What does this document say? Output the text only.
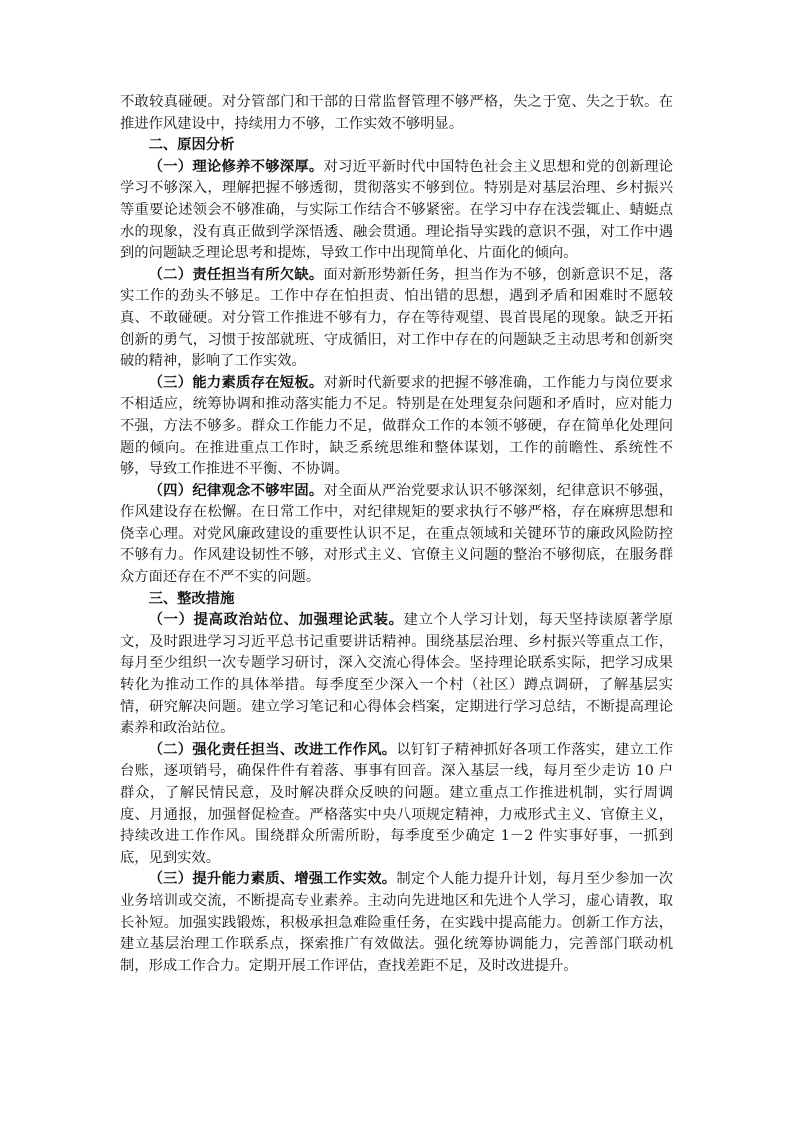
不敢较真碰硬。对分管部门和干部的日常监督管理不够严格，失之于宽、失之于软。在推进作风建设中，持续用力不够，工作实效不够明显。

二、原因分析

（一）理论修养不够深厚。对习近平新时代中国特色社会主义思想和党的创新理论学习不够深入，理解把握不够透彻，贯彻落实不够到位。特别是对基层治理、乡村振兴等重要论述领会不够准确，与实际工作结合不够紧密。在学习中存在浅尝辄止、蜻蜓点水的现象，没有真正做到学深悟透、融会贯通。理论指导实践的意识不强，对工作中遇到的问题缺乏理论思考和提炼，导致工作中出现简单化、片面化的倾向。

（二）责任担当有所欠缺。面对新形势新任务，担当作为不够，创新意识不足，落实工作的劲头不够足。工作中存在怕担责、怕出错的思想，遇到矛盾和困难时不愿较真、不敢碰硬。对分管工作推进不够有力，存在等待观望、畏首畏尾的现象。缺乏开拓创新的勇气，习惯于按部就班、守成循旧，对工作中存在的问题缺乏主动思考和创新突破的精神，影响了工作实效。

（三）能力素质存在短板。对新时代新要求的把握不够准确，工作能力与岗位要求不相适应，统筹协调和推动落实能力不足。特别是在处理复杂问题和矛盾时，应对能力不强，方法不够多。群众工作能力不足，做群众工作的本领不够硬，存在简单化处理问题的倾向。在推进重点工作时，缺乏系统思维和整体谋划，工作的前瞻性、系统性不够，导致工作推进不平衡、不协调。

（四）纪律观念不够牢固。对全面从严治党要求认识不够深刻，纪律意识不够强，作风建设存在松懈。在日常工作中，对纪律规矩的要求执行不够严格，存在麻痹思想和侥幸心理。对党风廉政建设的重要性认识不足，在重点领域和关键环节的廉政风险防控不够有力。作风建设韧性不够，对形式主义、官僚主义问题的整治不够彻底，在服务群众方面还存在不严不实的问题。

三、整改措施

（一）提高政治站位、加强理论武装。建立个人学习计划，每天坚持读原著学原文，及时跟进学习习近平总书记重要讲话精神。围绕基层治理、乡村振兴等重点工作，每月至少组织一次专题学习研讨，深入交流心得体会。坚持理论联系实际，把学习成果转化为推动工作的具体举措。每季度至少深入一个村（社区）蹲点调研，了解基层实情，研究解决问题。建立学习笔记和心得体会档案，定期进行学习总结，不断提高理论素养和政治站位。

（二）强化责任担当、改进工作作风。以钉钉子精神抓好各项工作落实，建立工作台账，逐项销号，确保件件有着落、事事有回音。深入基层一线，每月至少走访 10 户群众，了解民情民意，及时解决群众反映的问题。建立重点工作推进机制，实行周调度、月通报，加强督促检查。严格落实中央八项规定精神，力戒形式主义、官僚主义，持续改进工作作风。围绕群众所需所盼，每季度至少确定 1－2 件实事好事，一抓到底，见到实效。

（三）提升能力素质、增强工作实效。制定个人能力提升计划，每月至少参加一次业务培训或交流，不断提高专业素养。主动向先进地区和先进个人学习，虚心请教，取长补短。加强实践锻炼，积极承担急难险重任务，在实践中提高能力。创新工作方法，建立基层治理工作联系点，探索推广有效做法。强化统筹协调能力，完善部门联动机制，形成工作合力。定期开展工作评估，查找差距不足，及时改进提升。
